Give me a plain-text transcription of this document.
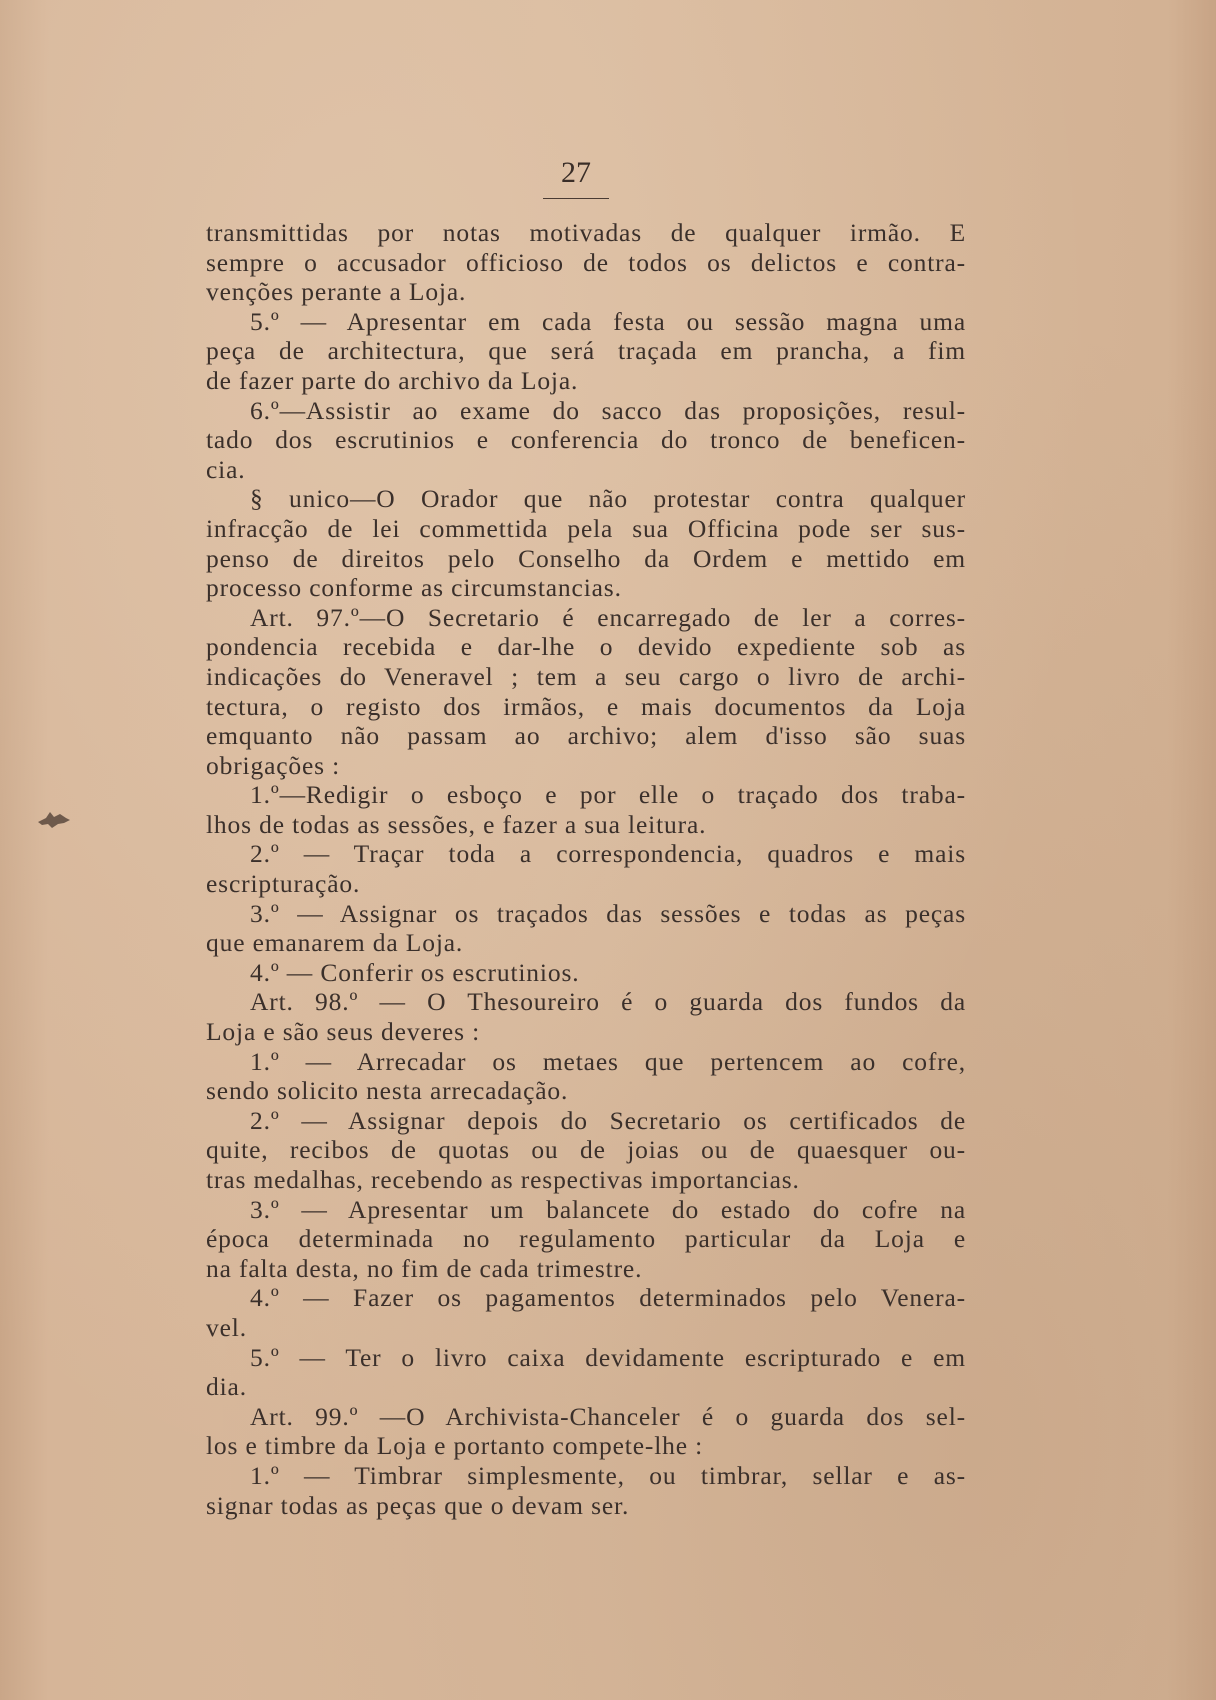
27
transmittidas por notas motivadas de qualquer irmão. E
sempre o accusador officioso de todos os delictos e contra-
venções perante a Loja.
5.º — Apresentar em cada festa ou sessão magna uma
peça de architectura, que será traçada em prancha, a fim
de fazer parte do archivo da Loja.
6.º—Assistir ao exame do sacco das proposições, resul-
tado dos escrutinios e conferencia do tronco de beneficen-
cia.
§ unico—O Orador que não protestar contra qualquer
infracção de lei commettida pela sua Officina pode ser sus-
penso de direitos pelo Conselho da Ordem e mettido em
processo conforme as circumstancias.
Art. 97.º—O Secretario é encarregado de ler a corres-
pondencia recebida e dar-lhe o devido expediente sob as
indicações do Veneravel ; tem a seu cargo o livro de archi-
tectura, o registo dos irmãos, e mais documentos da Loja
emquanto não passam ao archivo; alem d'isso são suas
obrigações :
1.º—Redigir o esboço e por elle o traçado dos traba-
lhos de todas as sessões, e fazer a sua leitura.
2.º — Traçar toda a correspondencia, quadros e mais
escripturação.
3.º — Assignar os traçados das sessões e todas as peças
que emanarem da Loja.
4.º — Conferir os escrutinios.
Art. 98.º — O Thesoureiro é o guarda dos fundos da
Loja e são seus deveres :
1.º — Arrecadar os metaes que pertencem ao cofre,
sendo solicito nesta arrecadação.
2.º — Assignar depois do Secretario os certificados de
quite, recibos de quotas ou de joias ou de quaesquer ou-
tras medalhas, recebendo as respectivas importancias.
3.º — Apresentar um balancete do estado do cofre na
época determinada no regulamento particular da Loja e
na falta desta, no fim de cada trimestre.
4.º — Fazer os pagamentos determinados pelo Venera-
vel.
5.º — Ter o livro caixa devidamente escripturado e em
dia.
Art. 99.º —O Archivista-Chanceler é o guarda dos sel-
los e timbre da Loja e portanto compete-lhe :
1.º — Timbrar simplesmente, ou timbrar, sellar e as-
signar todas as peças que o devam ser.
